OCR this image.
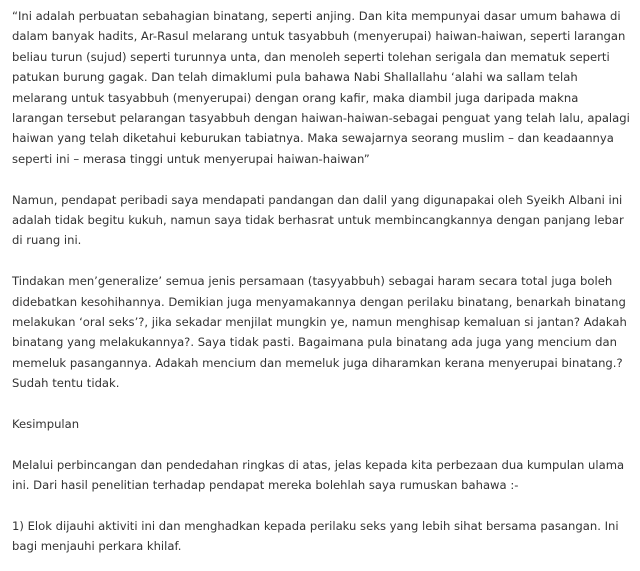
“Ini adalah perbuatan sebahagian binatang, seperti anjing. Dan kita mempunyai dasar umum bahawa di dalam banyak hadits, Ar-Rasul melarang untuk tasyabbuh (menyerupai) haiwan-haiwan, seperti larangan beliau turun (sujud) seperti turunnya unta, dan menoleh seperti tolehan serigala dan mematuk seperti patukan burung gagak. Dan telah dimaklumi pula bahawa Nabi Shallallahu ‘alahi wa sallam telah melarang untuk tasyabbuh (menyerupai) dengan orang kafir, maka diambil juga daripada makna larangan tersebut pelarangan tasyabbuh dengan haiwan-haiwan-sebagai penguat yang telah lalu, apalagi haiwan yang telah diketahui keburukan tabiatnya. Maka sewajarnya seorang muslim – dan keadaannya seperti ini – merasa tinggi untuk menyerupai haiwan-haiwan”

Namun, pendapat peribadi saya mendapati pandangan dan dalil yang digunapakai oleh Syeikh Albani ini adalah tidak begitu kukuh, namun saya tidak berhasrat untuk membincangkannya dengan panjang lebar di ruang ini.

Tindakan men’generalize’ semua jenis persamaan (tasyyabbuh) sebagai haram secara total juga boleh didebatkan kesohihannya. Demikian juga menyamakannya dengan perilaku binatang, benarkah binatang melakukan ‘oral seks’?, jika sekadar menjilat mungkin ye, namun menghisap kemaluan si jantan? Adakah binatang yang melakukannya?. Saya tidak pasti. Bagaimana pula binatang ada juga yang mencium dan memeluk pasangannya. Adakah mencium dan memeluk juga diharamkan kerana menyerupai binatang.? Sudah tentu tidak.

Kesimpulan

Melalui perbincangan dan pendedahan ringkas di atas, jelas kepada kita perbezaan dua kumpulan ulama ini. Dari hasil penelitian terhadap pendapat mereka bolehlah saya rumuskan bahawa :-

1) Elok dijauhi aktiviti ini dan menghadkan kepada perilaku seks yang lebih sihat bersama pasangan. Ini bagi menjauhi perkara khilaf.
